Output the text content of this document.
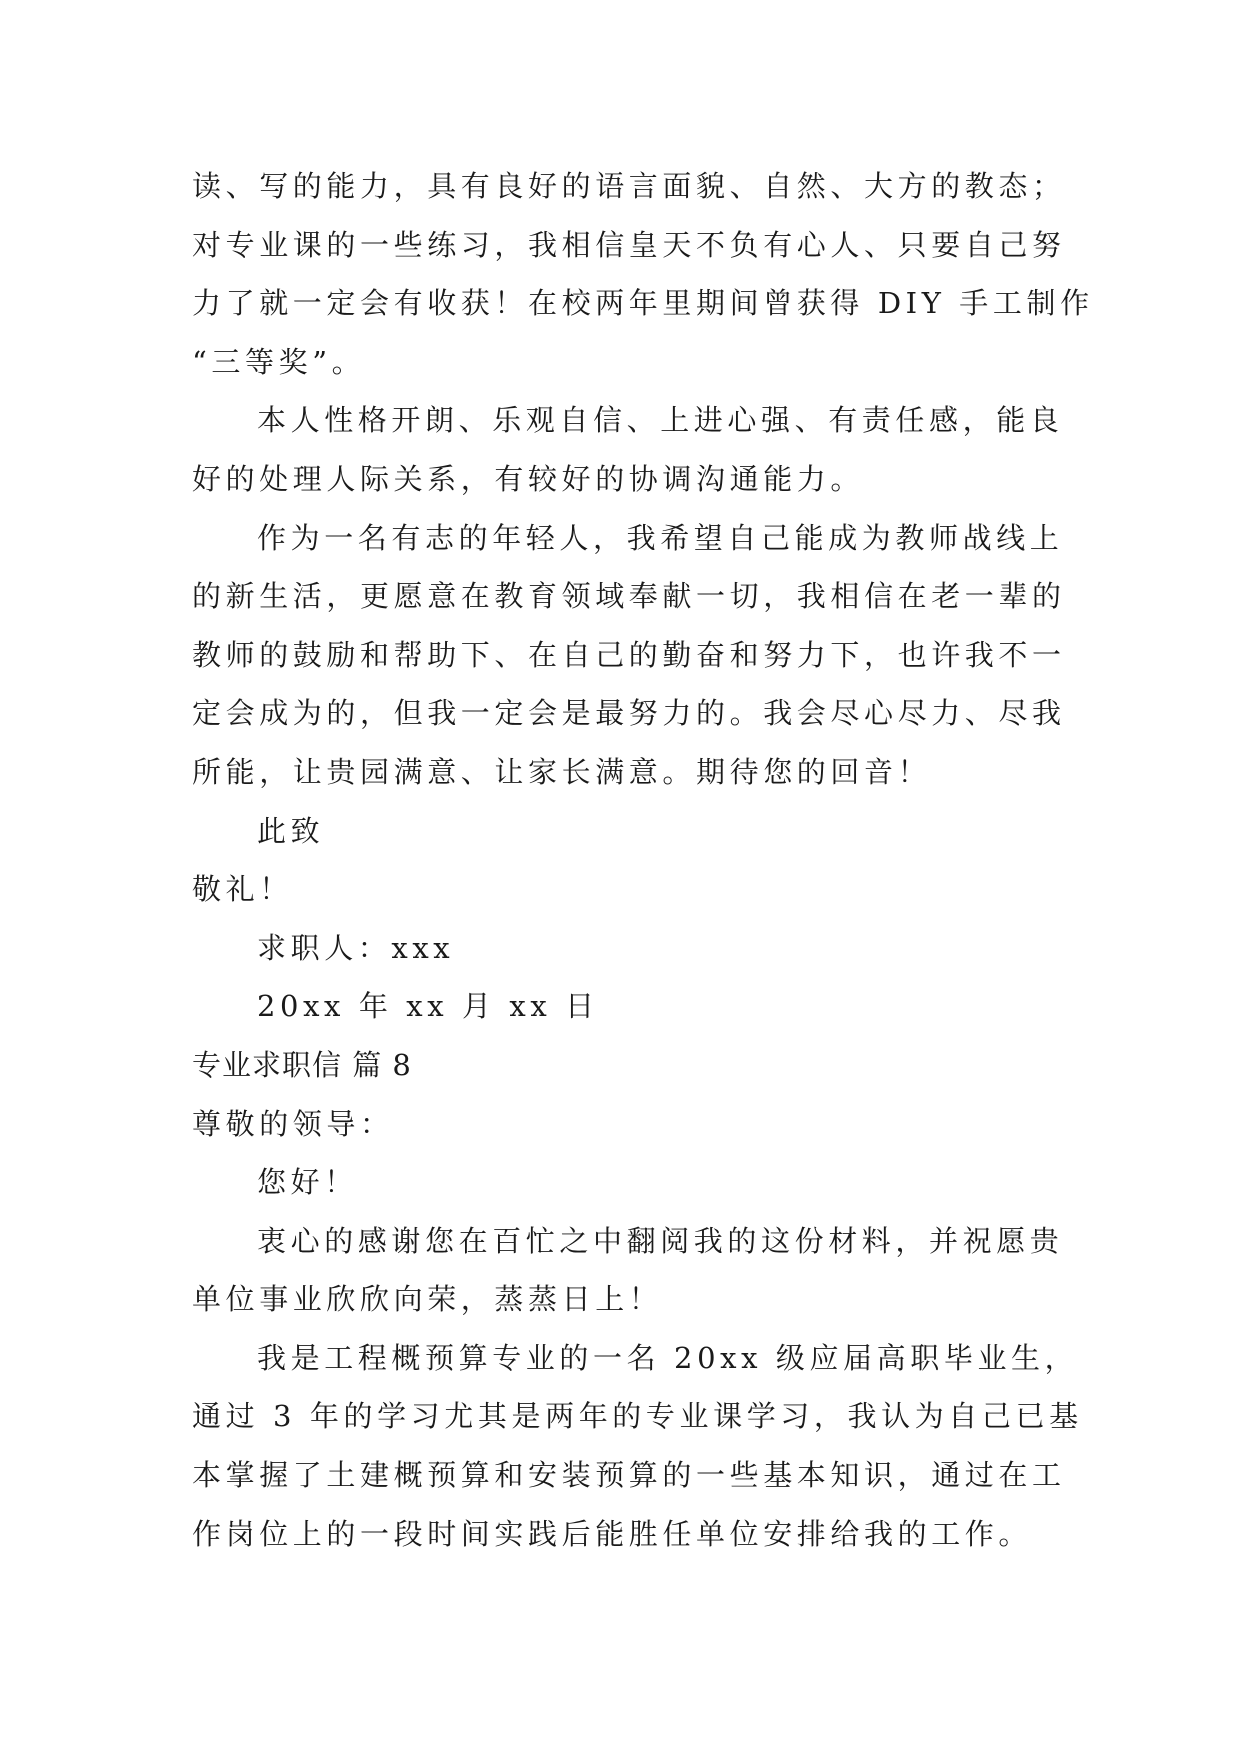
读、写的能力，具有良好的语言面貌、自然、大方的教态；
对专业课的一些练习，我相信皇天不负有心人、只要自己努
力了就一定会有收获！在校两年里期间曾获得 DIY 手工制作
“三等奖”。
本人性格开朗、乐观自信、上进心强、有责任感，能良
好的处理人际关系，有较好的协调沟通能力。
作为一名有志的年轻人，我希望自己能成为教师战线上
的新生活，更愿意在教育领域奉献一切，我相信在老一辈的
教师的鼓励和帮助下、在自己的勤奋和努力下，也许我不一
定会成为的，但我一定会是最努力的。我会尽心尽力、尽我
所能，让贵园满意、让家长满意。期待您的回音！
此致
敬礼！
求职人：xxx
20xx 年 xx 月 xx 日
专业求职信 篇 8
尊敬的领导：
您好！
衷心的感谢您在百忙之中翻阅我的这份材料，并祝愿贵
单位事业欣欣向荣，蒸蒸日上！
我是工程概预算专业的一名 20xx 级应届高职毕业生，
通过 3 年的学习尤其是两年的专业课学习，我认为自己已基
本掌握了土建概预算和安装预算的一些基本知识，通过在工
作岗位上的一段时间实践后能胜任单位安排给我的工作。
